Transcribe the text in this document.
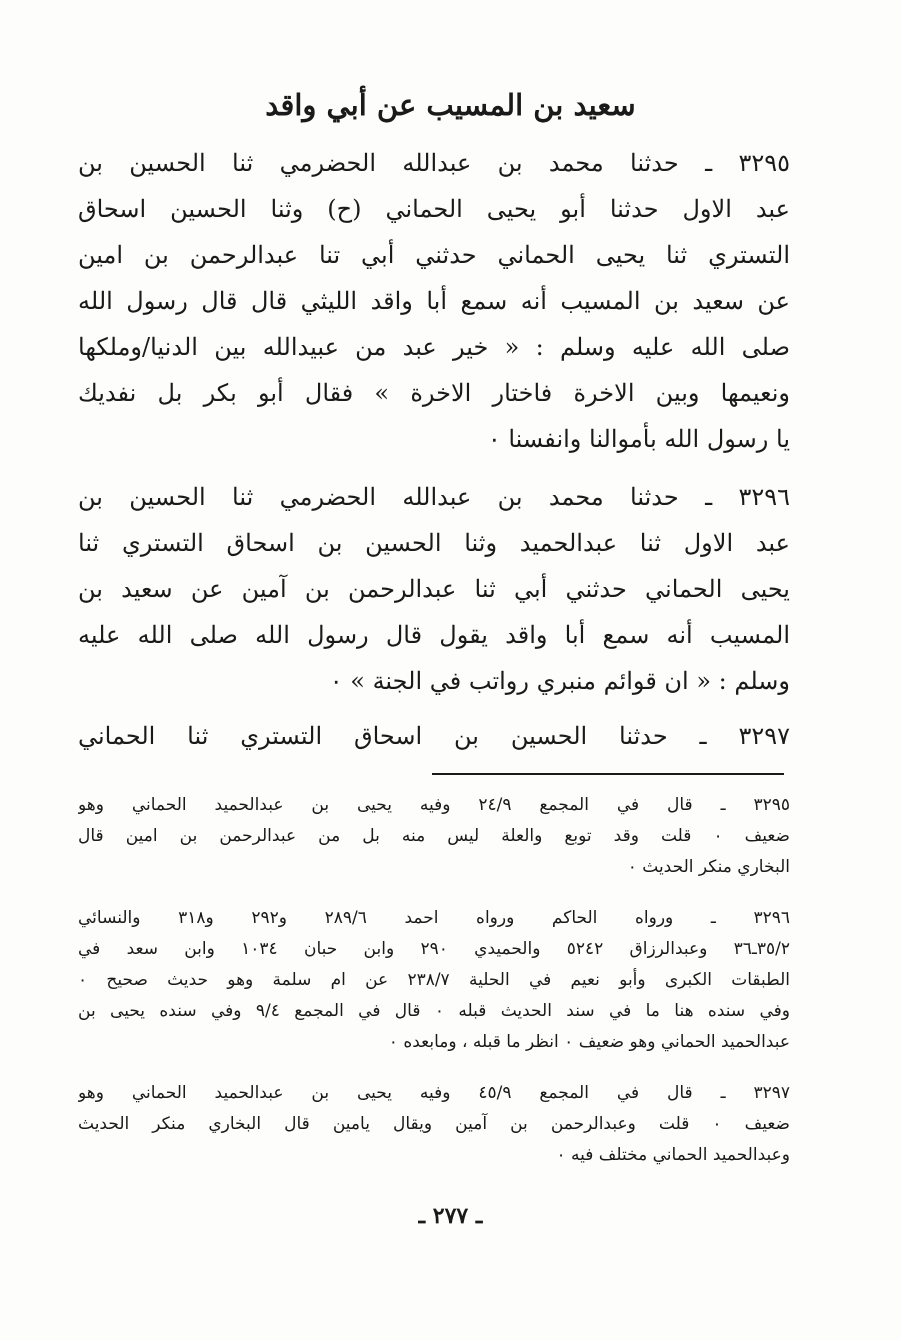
سعيد بن المسيب عن أبي واقد
٣٢٩٥ ـ حدثنا محمد بن عبدالله الحضرمي ثنا الحسين بن
عبد الاول حدثنا أبو يحيى الحماني (ح) وثنا الحسين اسحاق
التستري ثنا يحيى الحماني حدثني أبي تنا عبدالرحمن بن امين
عن سعيد بن المسيب أنه سمع أبا واقد الليثي قال قال رسول الله
صلى الله عليه وسلم : « خير عبد من عبيدالله بين الدنيا/وملكها
ونعيمها وبين الاخرة فاختار الاخرة » فقال أبو بكر بل نفديك
يا رسول الله بأموالنا وانفسنا ٠
٣٢٩٦ ـ حدثنا محمد بن عبدالله الحضرمي ثنا الحسين بن
عبد الاول ثنا عبدالحميد وثنا الحسين بن اسحاق التستري ثنا
يحيى الحماني حدثني أبي ثنا عبدالرحمن بن آمين عن سعيد بن
المسيب أنه سمع أبا واقد يقول قال رسول الله صلى الله عليه
وسلم : « ان قوائم منبري رواتب في الجنة » ٠
٣٢٩٧ ـ حدثنا الحسين بن اسحاق التستري ثنا الحماني
٣٢٩٥ ـ قال في المجمع ٢٤/٩ وفيه يحيى بن عبدالحميد الحماني وهو
ضعيف ٠ قلت وقد توبع والعلة ليس منه بل من عبدالرحمن بن امين قال
البخاري منكر الحديث ٠
٣٢٩٦ ـ ورواه الحاكم ورواه احمد ٢٨٩/٦ و٢٩٢ و٣١٨ والنسائي
٣٥/٢ـ٣٦ وعبدالرزاق ٥٢٤٢ والحميدي ٢٩٠ وابن حبان ١٠٣٤ وابن سعد في
الطبقات الكبرى وأبو نعيم في الحلية ٢٣٨/٧ عن ام سلمة وهو حديث صحيح ٠
وفي سنده هنا ما في سند الحديث قبله ٠ قال في المجمع ٩/٤ وفي سنده يحيى بن
عبدالحميد الحماني وهو ضعيف ٠ انظر ما قبله ، ومابعده ٠
٣٢٩٧ ـ قال في المجمع ٤٥/٩ وفيه يحيى بن عبدالحميد الحماني وهو
ضعيف ٠ قلت وعبدالرحمن بن آمين ويقال يامين قال البخاري منكر الحديث
وعبدالحميد الحماني مختلف فيه ٠
ـ ٢٧٧ ـ
